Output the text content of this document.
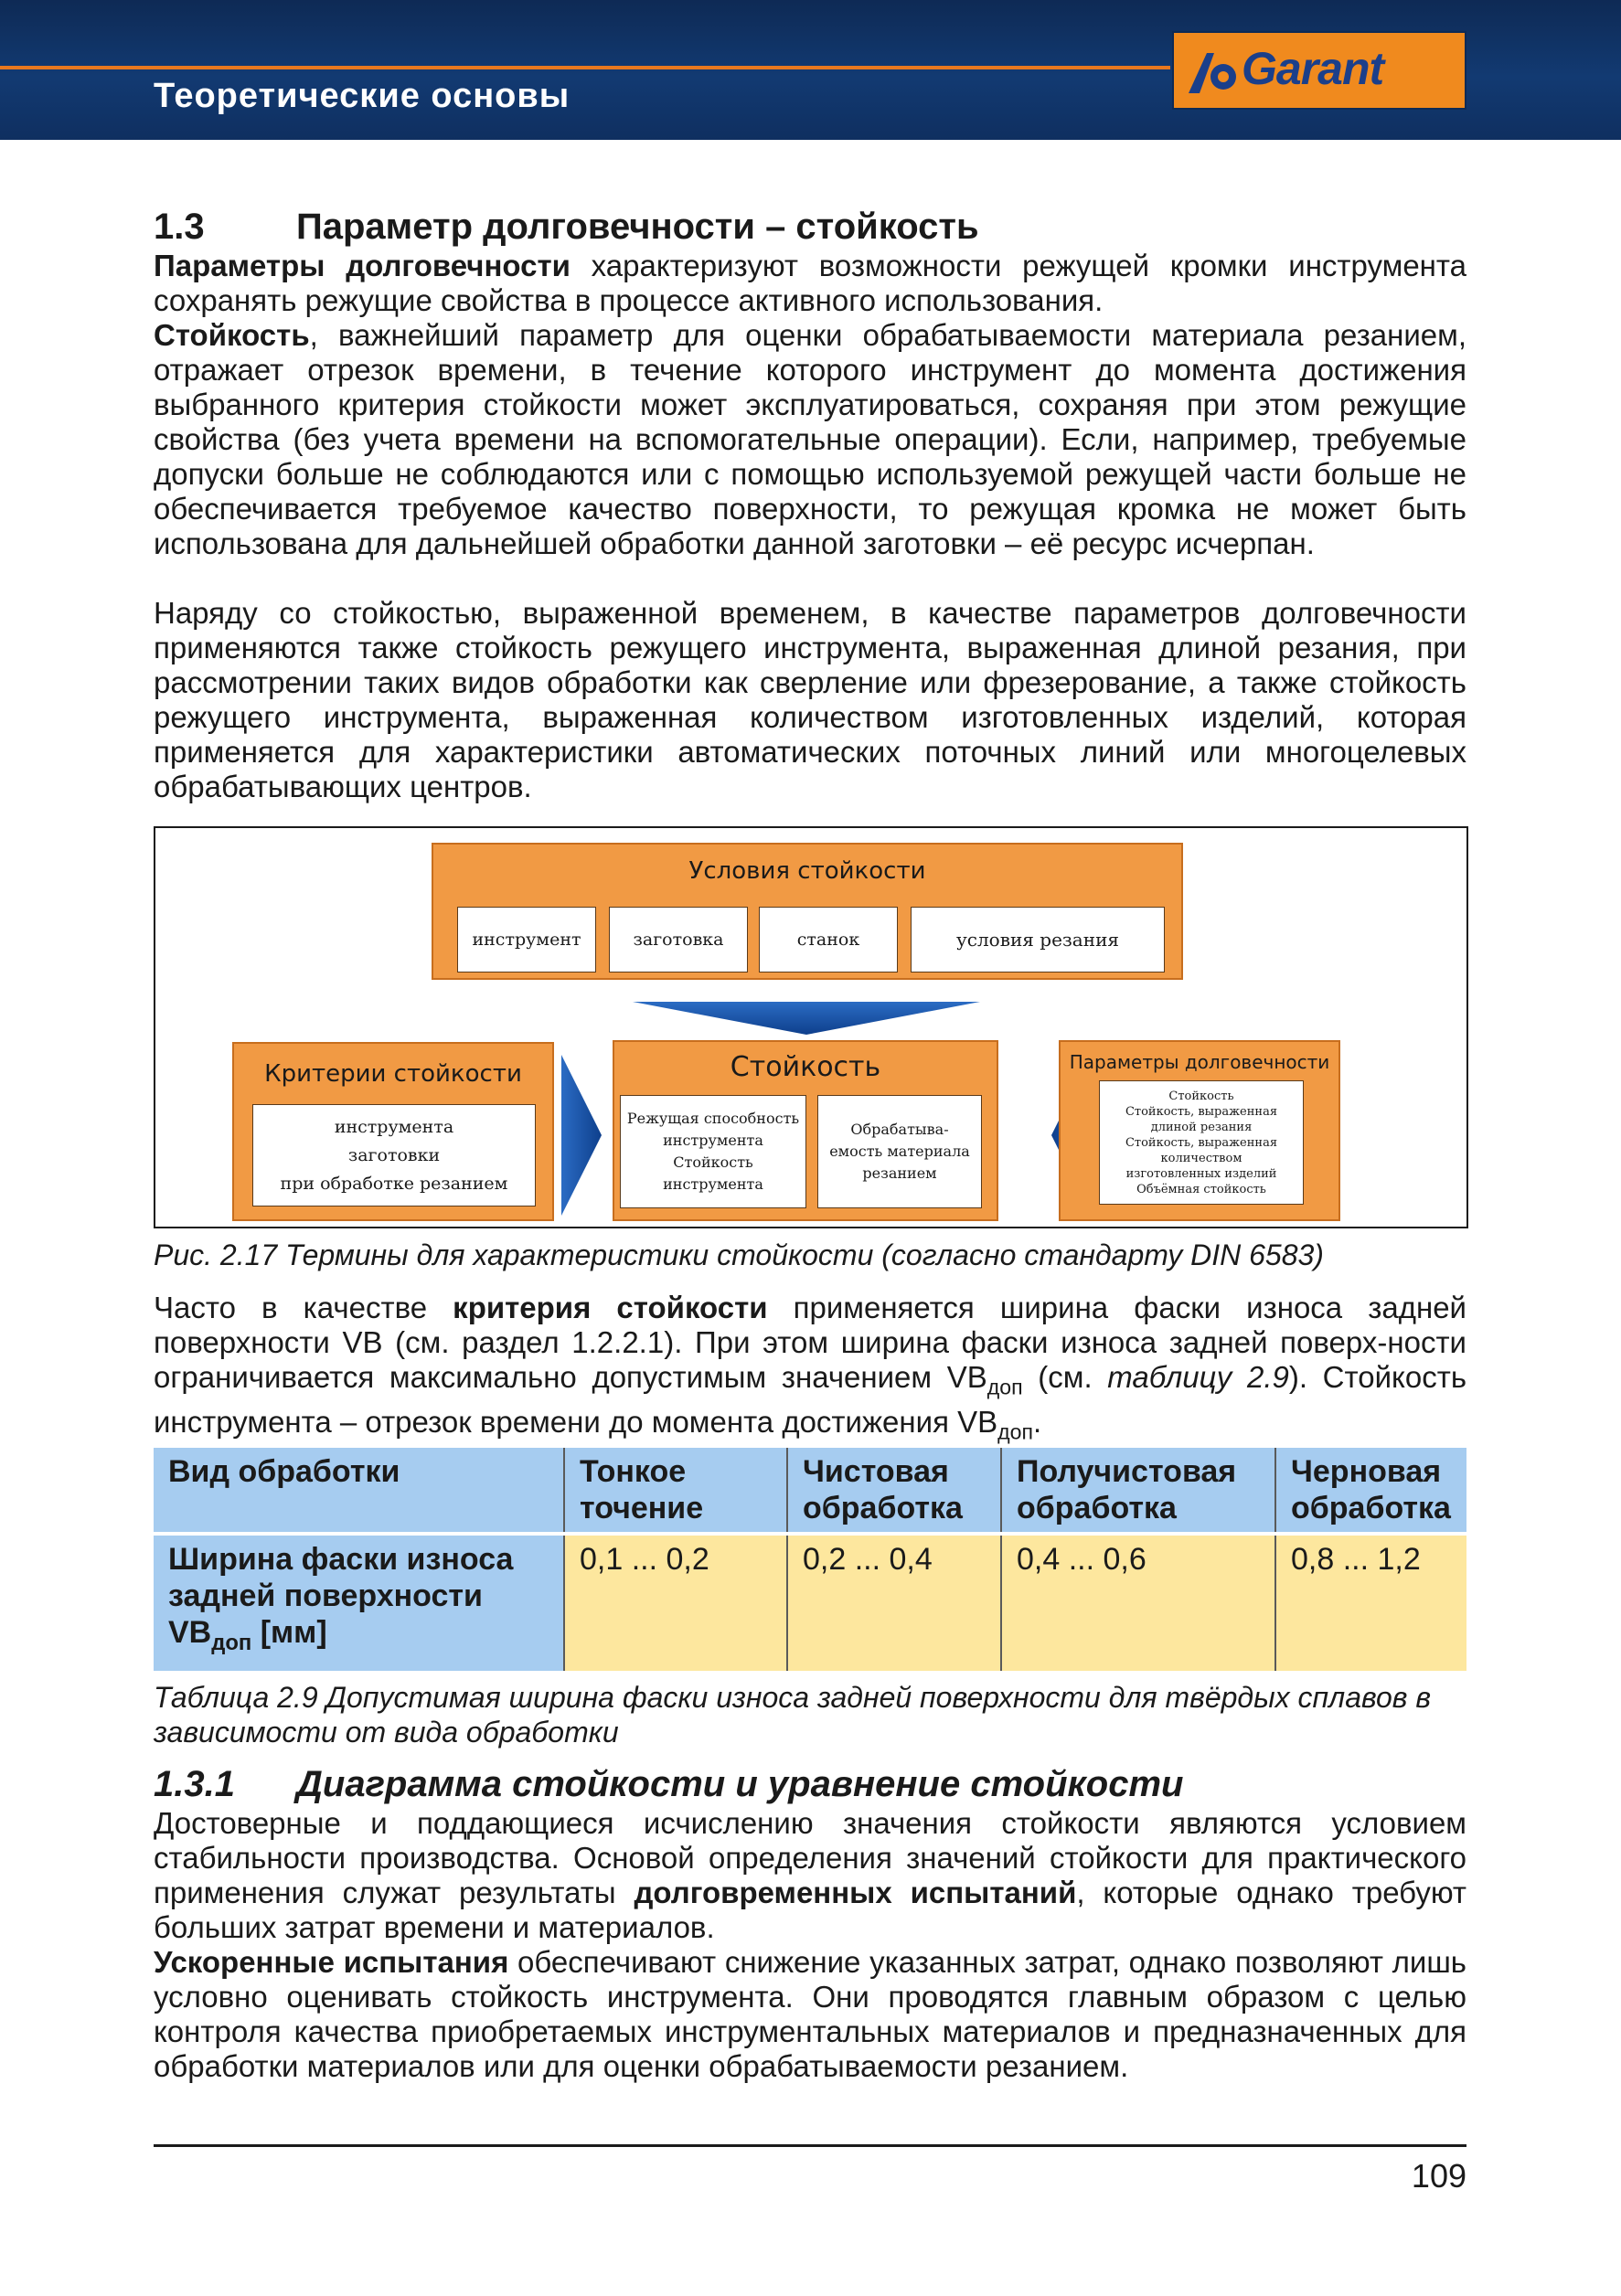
Теоретические основы
Garant
1.3	Параметр долговечности – стойкость

Параметры долговечности характеризуют возможности режущей кромки инструмента сохранять режущие свойства в процессе активного использования.

Стойкость, важнейший параметр для оценки обрабатываемости материала резанием, отражает отрезок времени, в течение которого инструмент до момента достижения выбранного критерия стойкости может эксплуатироваться, сохраняя при этом режущие свойства (без учета времени на вспомогательные операции). Если, например, требуемые допуски больше не соблюдаются или с помощью используемой режущей части больше не обеспечивается требуемое качество поверхности, то режущая кромка не может быть использована для дальнейшей обработки данной заготовки – её ресурс исчерпан.

Наряду со стойкостью, выраженной временем, в качестве параметров долговечности применяются также стойкость режущего инструмента, выраженная длиной резания, при рассмотрении таких видов обработки как сверление или фрезерование, а также стойкость режущего инструмента, выраженная количеством изготовленных изделий, которая применяется для характеристики автоматических поточных линий или многоцелевых обрабатывающих центров.

Условия стойкости
инструмент	заготовка	станок	условия резания
Критерии стойкости
инструмента
заготовки
при обработке резанием
Стойкость
Режущая способность
инструмента
Стойкость инструмента
Обрабатыва-
емость материала
резанием
Параметры долговечности
Стойкость
Стойкость, выраженная
длиной резания
Стойкость, выраженная
количеством
изготовленных изделий
Объёмная стойкость
Рис. 2.17 Термины для характеристики стойкости (согласно стандарту DIN 6583)

Часто в качестве критерия стойкости применяется ширина фаски износа задней поверхности VB (см. раздел 1.2.2.1). При этом ширина фаски износа задней поверх-ности ограничивается максимально допустимым значением $VB_{доп}$ (см. таблицу 2.9). Стойкость инструмента – отрезок времени до момента достижения $VB_{доп}$.

Вид обработки	Тонкое точение	Чистовая обработка	Получистовая обработка	Черновая обработка
Ширина фаски износа задней поверхности $VB_{доп}$ [мм]	0,1 ... 0,2	0,2 ... 0,4	0,4 ... 0,6	0,8 ... 1,2
Таблица 2.9 Допустимая ширина фаски износа задней поверхности для твёрдых сплавов в зависимости от вида обработки
1.3.1 Диаграмма стойкости и уравнение стойкости

Достоверные и поддающиеся исчислению значения стойкости являются условием стабильности производства. Основой определения значений стойкости для практического применения служат результаты долговременных испытаний, которые однако требуют больших затрат времени и материалов.

Ускоренные испытания обеспечивают снижение указанных затрат, однако позволяют лишь условно оценивать стойкость инструмента. Они проводятся главным образом с целью контроля качества приобретаемых инструментальных материалов и предназначенных для обработки материалов или для оценки обрабатываемости резанием.

109
